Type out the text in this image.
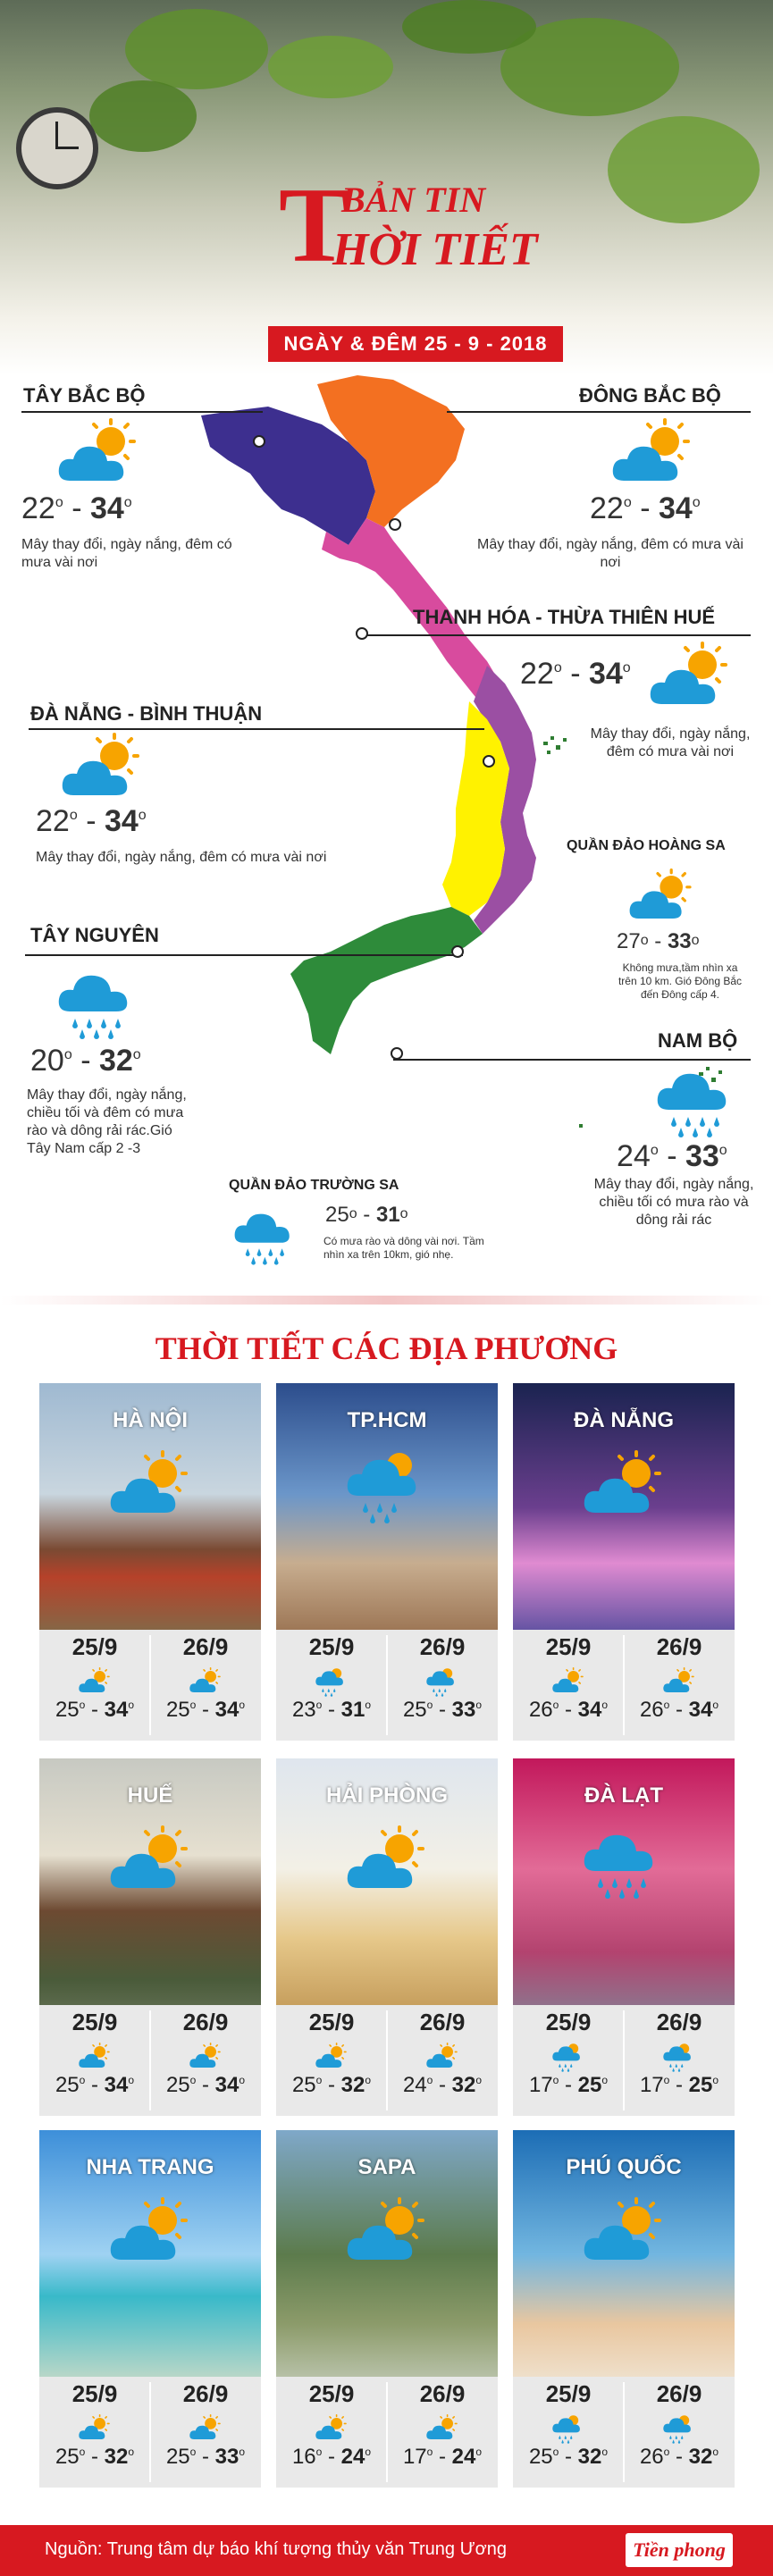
T
BẢN TIN
HỜI TIẾT
NGÀY & ĐÊM 25 - 9 - 2018
TÂY BẮC BỘ
22$^o$ - 34$^o$
Mây thay đổi, ngày nắng, đêm có mưa vài nơi
ĐÔNG BẮC BỘ
22$^o$ - 34$^o$
Mây thay đổi, ngày nắng, đêm có mưa vài nơi
THANH HÓA - THỪA THIÊN HUẾ
22$^o$ - 34$^o$
Mây thay đổi, ngày nắng, đêm có mưa vài nơi
ĐÀ NẴNG - BÌNH THUẬN
22$^o$ - 34$^o$
Mây thay đổi, ngày nắng, đêm có mưa vài nơi
QUẦN ĐẢO HOÀNG SA
27$^o$ - 33$^o$
Không mưa,tầm nhìn xa trên 10 km. Gió Đông Bắc đến Đông cấp 4.
TÂY NGUYÊN
20$^o$ - 32$^o$
Mây thay đổi, ngày nắng, chiều tối và đêm có mưa rào và dông rải rác.Gió Tây Nam cấp 2 -3
NAM BỘ
24$^o$ - 33$^o$
Mây thay đổi, ngày nắng, chiều tối có mưa rào và dông rải rác
QUẦN ĐẢO TRƯỜNG SA
25$^o$ - 31$^o$
Có mưa rào và dông vài nơi. Tầm nhìn xa trên 10km, gió nhẹ.
THỜI TIẾT CÁC ĐỊA PHƯƠNG
HÀ NỘI
25/9	26/9
25$^o$ - 34$^o$	25$^o$ - 34$^o$
TP.HCM
25/9	26/9
23$^o$ - 31$^o$	25$^o$ - 33$^o$
ĐÀ NẴNG
25/9	26/9
26$^o$ - 34$^o$	26$^o$ - 34$^o$
HUẾ
25/9	26/9
25$^o$ - 34$^o$	25$^o$ - 34$^o$
HẢI PHÒNG
25/9	26/9
25$^o$ - 32$^o$	24$^o$ - 32$^o$
ĐÀ LẠT
25/9	26/9
17$^o$ - 25$^o$	17$^o$ - 25$^o$
NHA TRANG
25/9	26/9
25$^o$ - 32$^o$	25$^o$ - 33$^o$
SAPA
25/9	26/9
16$^o$ - 24$^o$	17$^o$ - 24$^o$
PHÚ QUỐC
25/9	26/9
25$^o$ - 32$^o$	26$^o$ - 32$^o$
Nguồn: Trung tâm dự báo khí tượng thủy văn Trung Ương	Tiền phong
